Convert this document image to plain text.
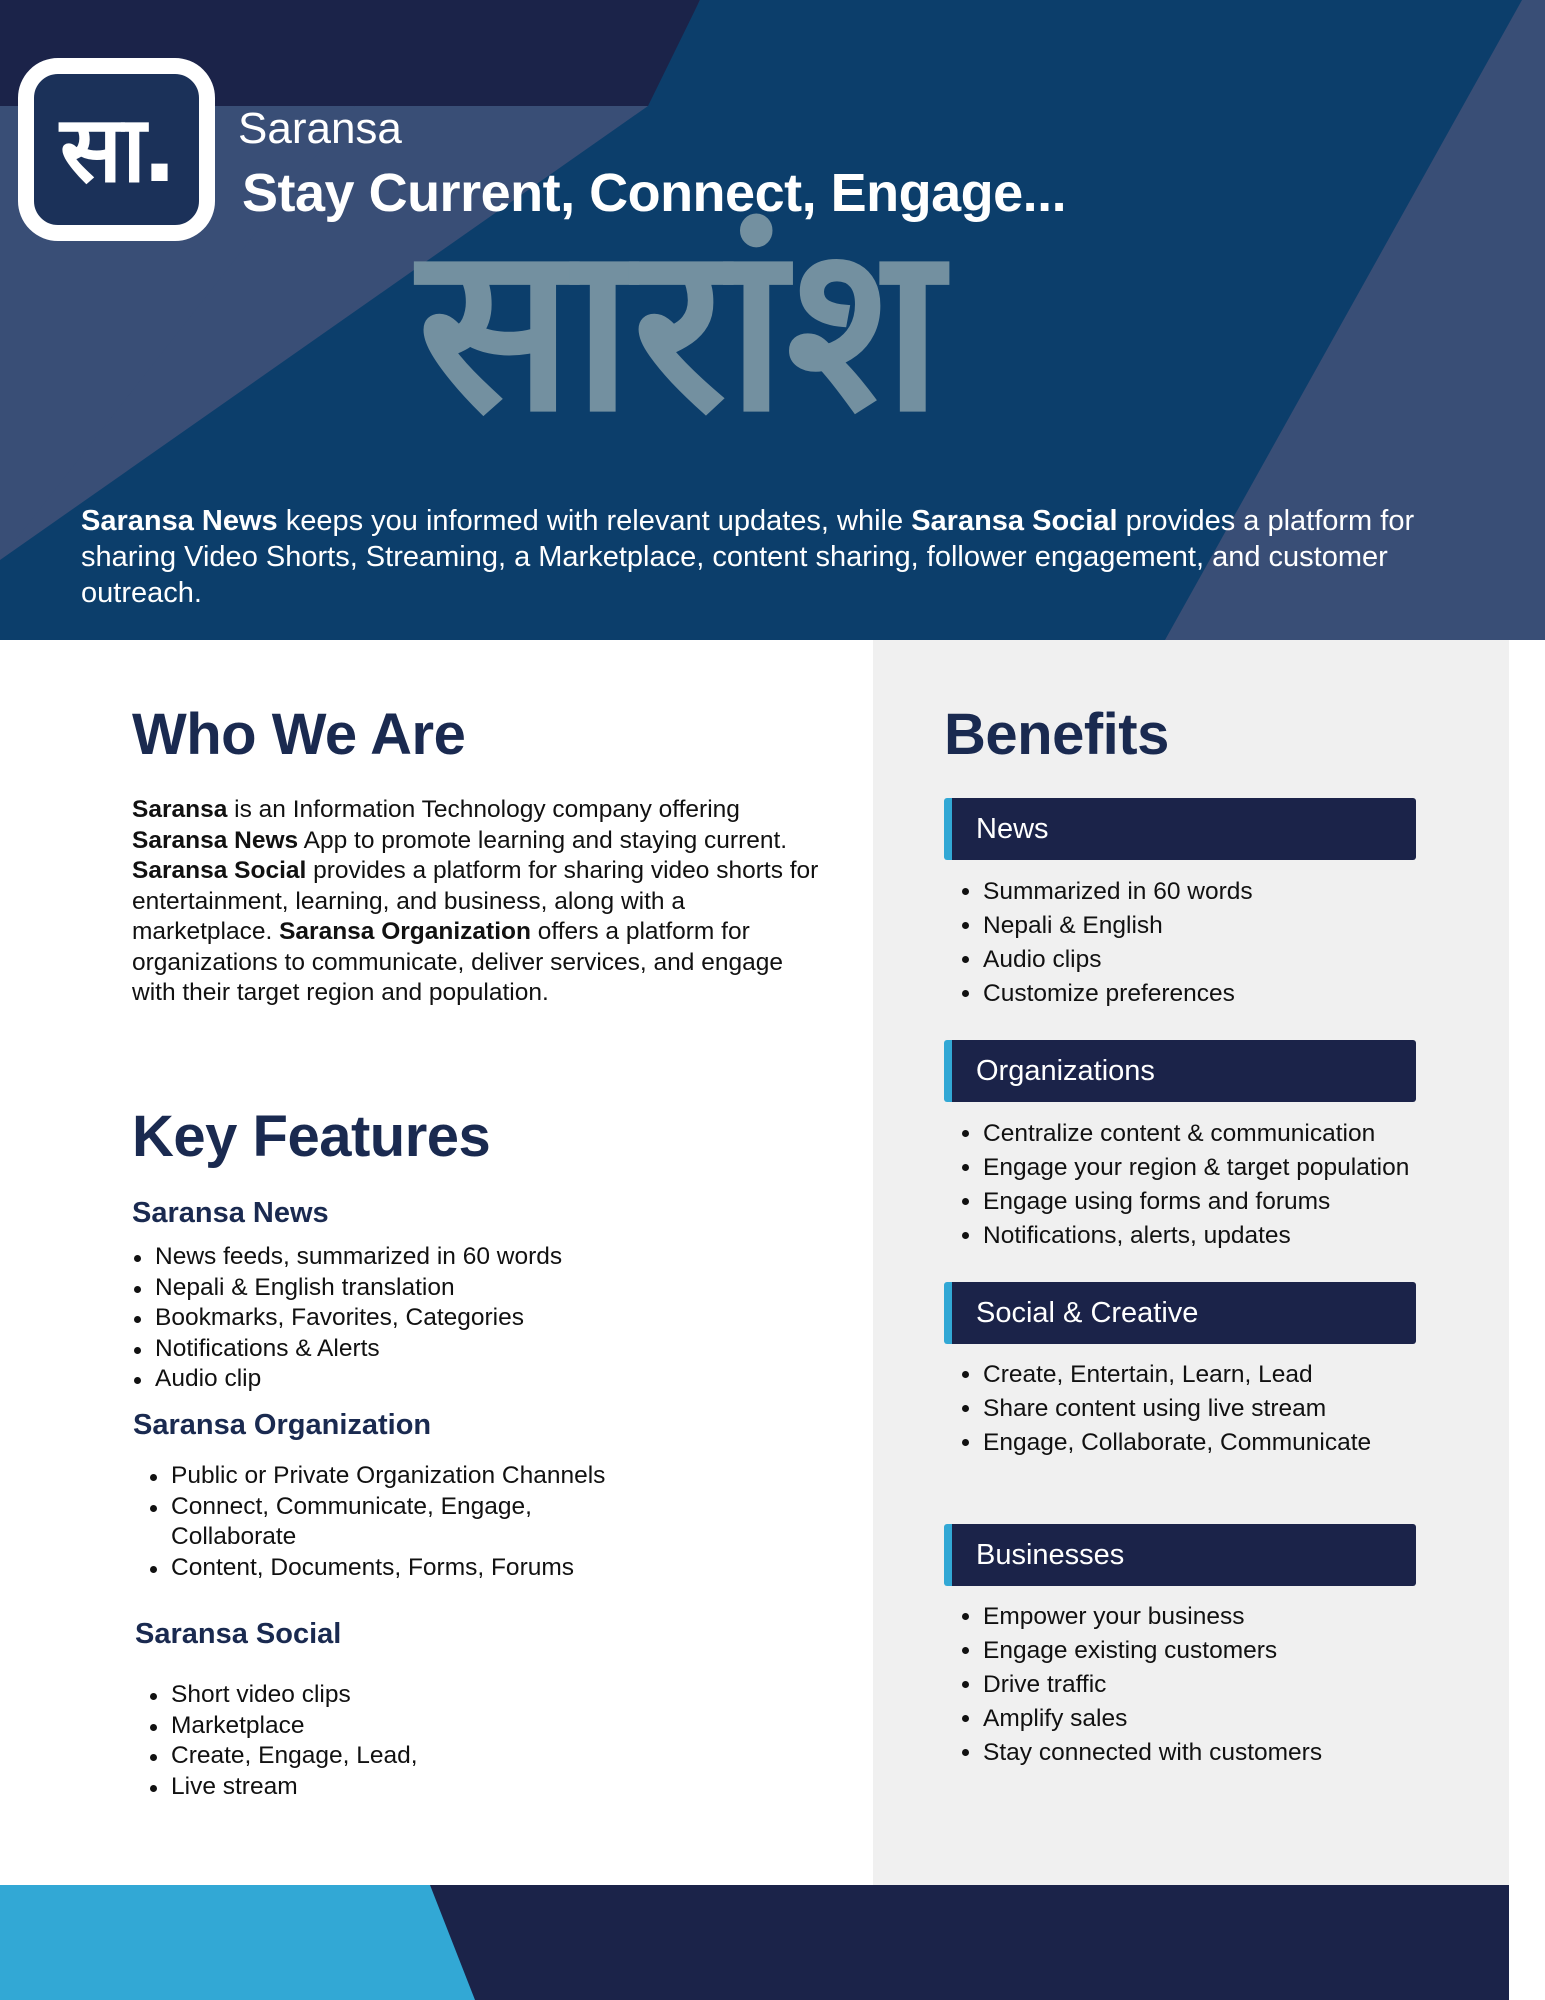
सा. Saransa
Stay Current, Connect, Engage...
सारांश

Saransa News keeps you informed with relevant updates, while Saransa Social provides a platform for sharing Video Shorts, Streaming, a Marketplace, content sharing, follower engagement, and customer outreach.

Who We Are

Saransa is an Information Technology company offering Saransa News App to promote learning and staying current. Saransa Social provides a platform for sharing video shorts for entertainment, learning, and business, along with a marketplace. Saransa Organization offers a platform for organizations to communicate, deliver services, and engage with their target region and population.

Key Features
Saransa News
News feeds, summarized in 60 words
Nepali & English translation
Bookmarks, Favorites, Categories
Notifications & Alerts
Audio clip
Saransa Organization
Public or Private Organization Channels
Connect, Communicate, Engage, Collaborate
Content, Documents, Forms, Forums
Saransa Social
Short video clips
Marketplace
Create, Engage, Lead,
Live stream
Benefits
News
Summarized in 60 words
Nepali & English
Audio clips
Customize preferences
Organizations
Centralize content & communication
Engage your region & target population
Engage using forms and forums
Notifications, alerts, updates
Social & Creative
Create, Entertain, Learn, Lead
Share content using live stream
Engage, Collaborate, Communicate
Businesses
Empower your business
Engage existing customers
Drive traffic
Amplify sales
Stay connected with customers
